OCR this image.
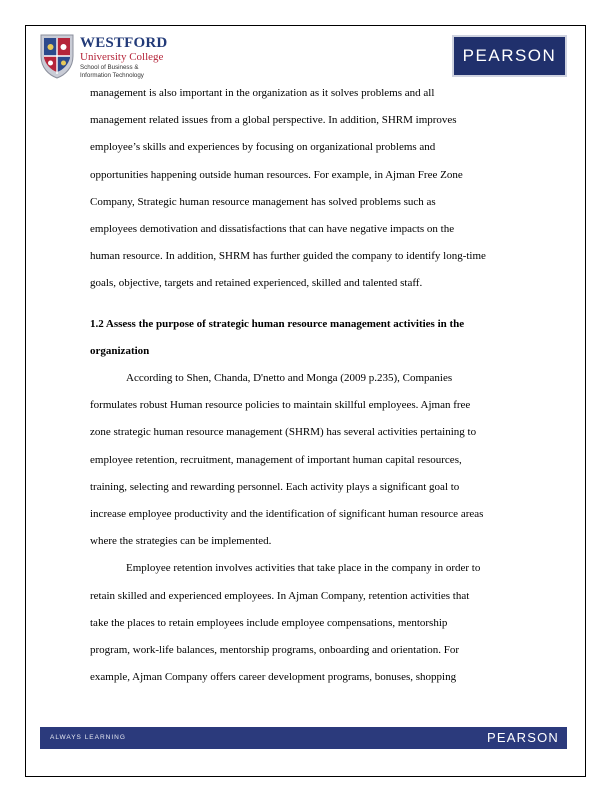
WESTFORD
University College
School of Business &
Information Technology
PEARSON

management is also important in the organization as it solves problems and all
management related issues from a global perspective. In addition, SHRM improves
employee’s skills and experiences by focusing on organizational problems and
opportunities happening outside human resources. For example, in Ajman Free Zone
Company, Strategic human resource management has solved problems such as
employees demotivation and dissatisfactions that can have negative impacts on the
human resource. In addition, SHRM has further guided the company to identify long-time
goals, objective, targets and retained experienced, skilled and talented staff.

1.2 Assess the purpose of strategic human resource management activities in the
organization

According to Shen, Chanda, D'netto and Monga (2009 p.235), Companies
formulates robust Human resource policies to maintain skillful employees. Ajman free
zone strategic human resource management (SHRM) has several activities pertaining to
employee retention, recruitment, management of important human capital resources,
training, selecting and rewarding personnel. Each activity plays a significant goal to
increase employee productivity and the identification of significant human resource areas
where the strategies can be implemented.

Employee retention involves activities that take place in the company in order to
retain skilled and experienced employees. In Ajman Company, retention activities that
take the places to retain employees include employee compensations, mentorship
program, work-life balances, mentorship programs, onboarding and orientation. For
example, Ajman Company offers career development programs, bonuses, shopping

ALWAYS LEARNING	PEARSON
